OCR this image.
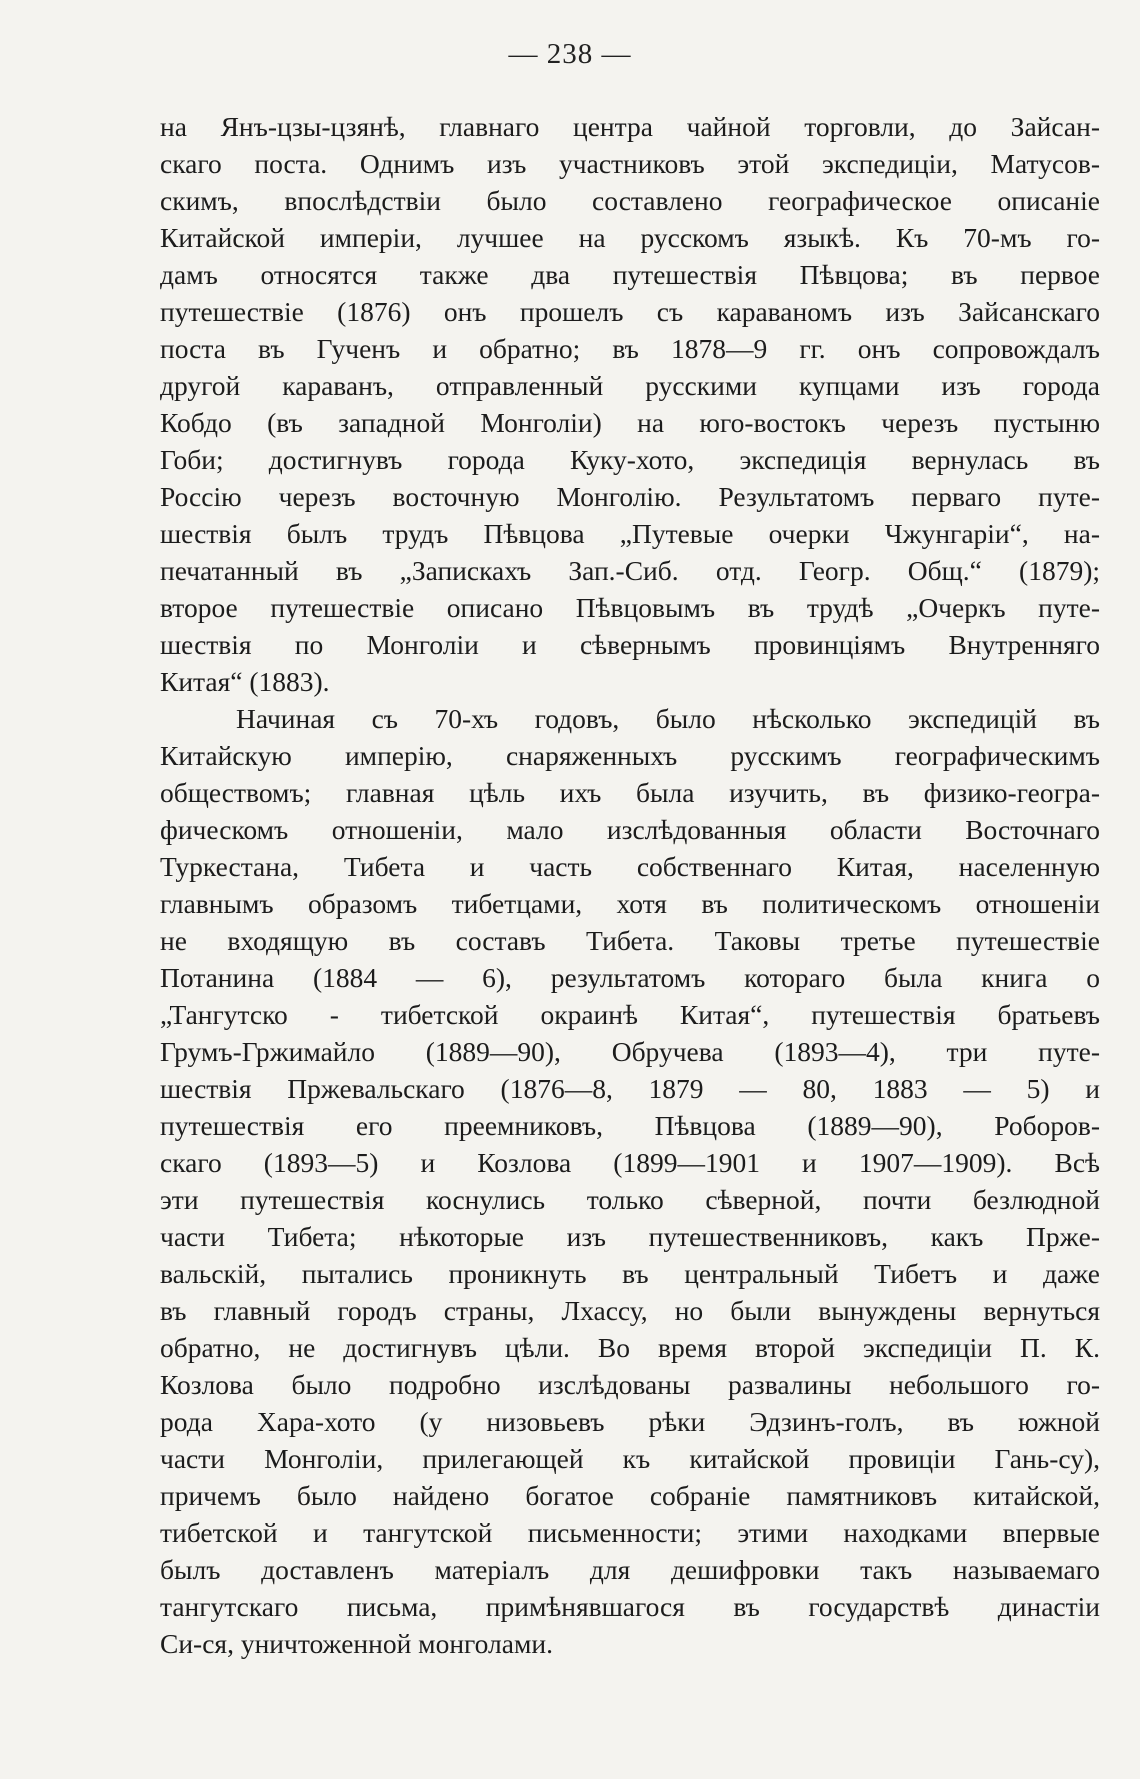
— 238 —
на Янъ-цзы-цзянѣ, главнаго центра чайной торговли, до Зайсан-
скаго поста. Однимъ изъ участниковъ этой экспедиціи, Матусов-
скимъ, впослѣдствіи было составлено географическое описаніе
Китайской имперіи, лучшее на русскомъ языкѣ. Къ 70-мъ го-
дамъ относятся также два путешествія Пѣвцова; въ первое
путешествіе (1876) онъ прошелъ съ караваномъ изъ Зайсанскаго
поста въ Гученъ и обратно; въ 1878—9 гг. онъ сопровождалъ
другой караванъ, отправленный русскими купцами изъ города
Кобдо (въ западной Монголіи) на юго-востокъ черезъ пустыню
Гоби; достигнувъ города Куку-хото, экспедиція вернулась въ
Россію черезъ восточную Монголію. Результатомъ перваго путе-
шествія былъ трудъ Пѣвцова „Путевые очерки Чжунгаріи“, на-
печатанный въ „Запискахъ Зап.-Сиб. отд. Геогр. Общ.“ (1879);
второе путешествіе описано Пѣвцовымъ въ трудѣ „Очеркъ путе-
шествія по Монголіи и сѣвернымъ провинціямъ Внутренняго
Китая“ (1883).
Начиная съ 70-хъ годовъ, было нѣсколько экспедицій въ
Китайскую имперію, снаряженныхъ русскимъ географическимъ
обществомъ; главная цѣль ихъ была изучить, въ физико-геогра-
фическомъ отношеніи, мало изслѣдованныя области Восточнаго
Туркестана, Тибета и часть собственнаго Китая, населенную
главнымъ образомъ тибетцами, хотя въ политическомъ отношеніи
не входящую въ составъ Тибета. Таковы третье путешествіе
Потанина (1884 — 6), результатомъ котораго была книга о
„Тангутско - тибетской окраинѣ Китая“, путешествія братьевъ
Грумъ-Гржимайло (1889—90), Обручева (1893—4), три путе-
шествія Пржевальскаго (1876—8, 1879 — 80, 1883 — 5) и
путешествія его преемниковъ, Пѣвцова (1889—90), Роборов-
скаго (1893—5) и Козлова (1899—1901 и 1907—1909). Всѣ
эти путешествія коснулись только сѣверной, почти безлюдной
части Тибета; нѣкоторые изъ путешественниковъ, какъ Пржe-
вальскій, пытались проникнуть въ центральный Тибетъ и даже
въ главный городъ страны, Лхассу, но были вынуждены вернуться
обратно, не достигнувъ цѣли. Во время второй экспедиціи П. К.
Козлова было подробно изслѣдованы развалины небольшого го-
рода Хара-хото (у низовьевъ рѣки Эдзинъ-голъ, въ южной
части Монголіи, прилегающей къ китайской провиціи Гань-су),
причемъ было найдено богатое собраніе памятниковъ китайской,
тибетской и тангутской письменности; этими находками впервые
былъ доставленъ матеріалъ для дешифровки такъ называемаго
тангутскаго письма, примѣнявшагося въ государствѣ династіи
Си-ся, уничтоженной монголами.
